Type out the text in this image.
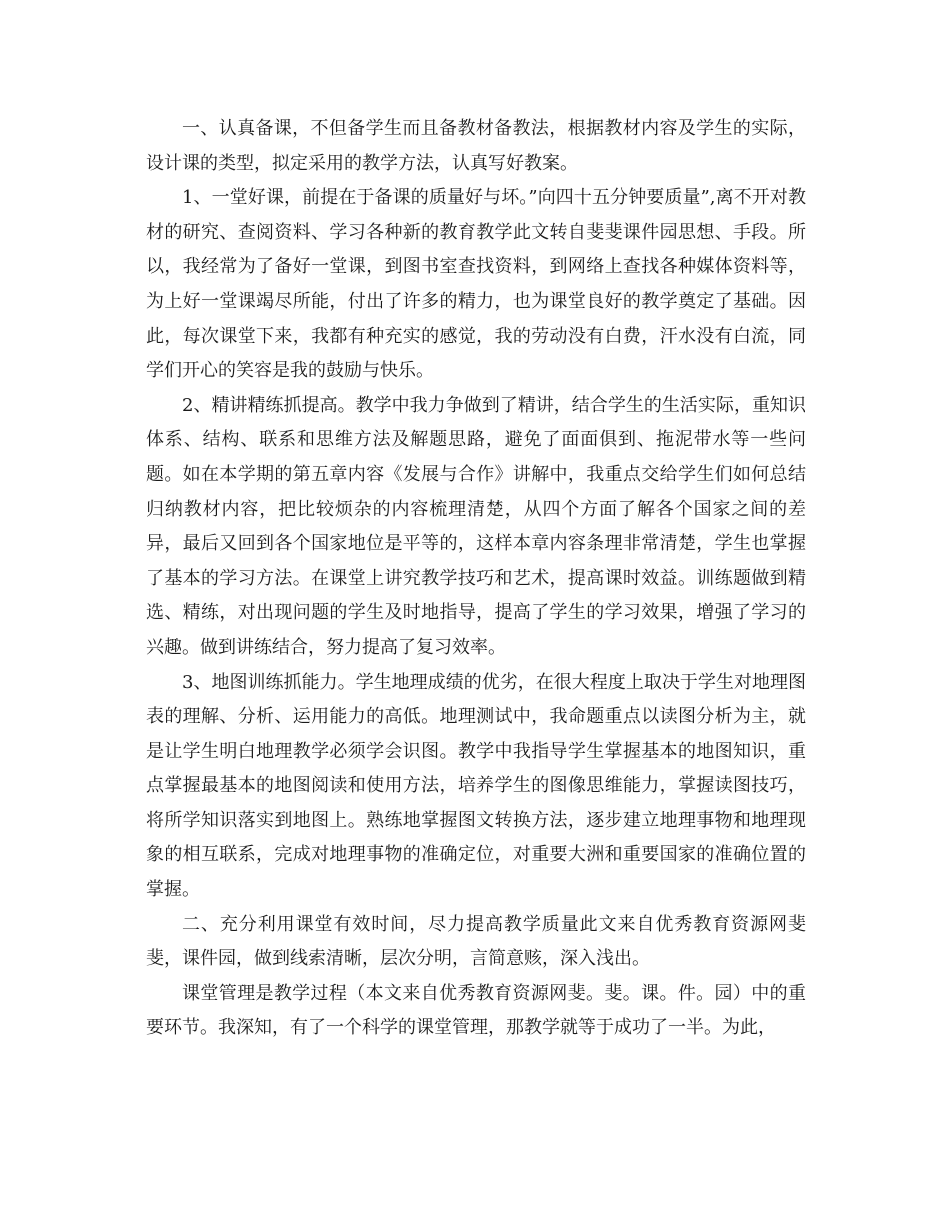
一、认真备课，不但备学生而且备教材备教法，根据教材内容及学生的实际，设计课的类型，拟定采用的教学方法，认真写好教案。

1、一堂好课，前提在于备课的质量好与坏。”向四十五分钟要质量”,离不开对教材的研究、查阅资料、学习各种新的教育教学此文转自斐斐课件园思想、手段。所以，我经常为了备好一堂课，到图书室查找资料，到网络上查找各种媒体资料等，为上好一堂课竭尽所能，付出了许多的精力，也为课堂良好的教学奠定了基础。因此，每次课堂下来，我都有种充实的感觉，我的劳动没有白费，汗水没有白流，同学们开心的笑容是我的鼓励与快乐。

2、精讲精练抓提高。教学中我力争做到了精讲，结合学生的生活实际，重知识体系、结构、联系和思维方法及解题思路，避免了面面俱到、拖泥带水等一些问题。如在本学期的第五章内容《发展与合作》讲解中，我重点交给学生们如何总结归纳教材内容，把比较烦杂的内容梳理清楚，从四个方面了解各个国家之间的差异，最后又回到各个国家地位是平等的，这样本章内容条理非常清楚，学生也掌握了基本的学习方法。在课堂上讲究教学技巧和艺术，提高课时效益。训练题做到精选、精练，对出现问题的学生及时地指导，提高了学生的学习效果，增强了学习的兴趣。做到讲练结合，努力提高了复习效率。

3、地图训练抓能力。学生地理成绩的优劣，在很大程度上取决于学生对地理图表的理解、分析、运用能力的高低。地理测试中，我命题重点以读图分析为主，就是让学生明白地理教学必须学会识图。教学中我指导学生掌握基本的地图知识，重点掌握最基本的地图阅读和使用方法，培养学生的图像思维能力，掌握读图技巧，将所学知识落实到地图上。熟练地掌握图文转换方法，逐步建立地理事物和地理现象的相互联系，完成对地理事物的准确定位，对重要大洲和重要国家的准确位置的掌握。

二、充分利用课堂有效时间，尽力提高教学质量此文来自优秀教育资源网斐斐，课件园，做到线索清晰，层次分明，言简意赅，深入浅出。

课堂管理是教学过程（本文来自优秀教育资源网斐。斐。课。件。园）中的重要环节。我深知，有了一个科学的课堂管理，那教学就等于成功了一半。为此，
